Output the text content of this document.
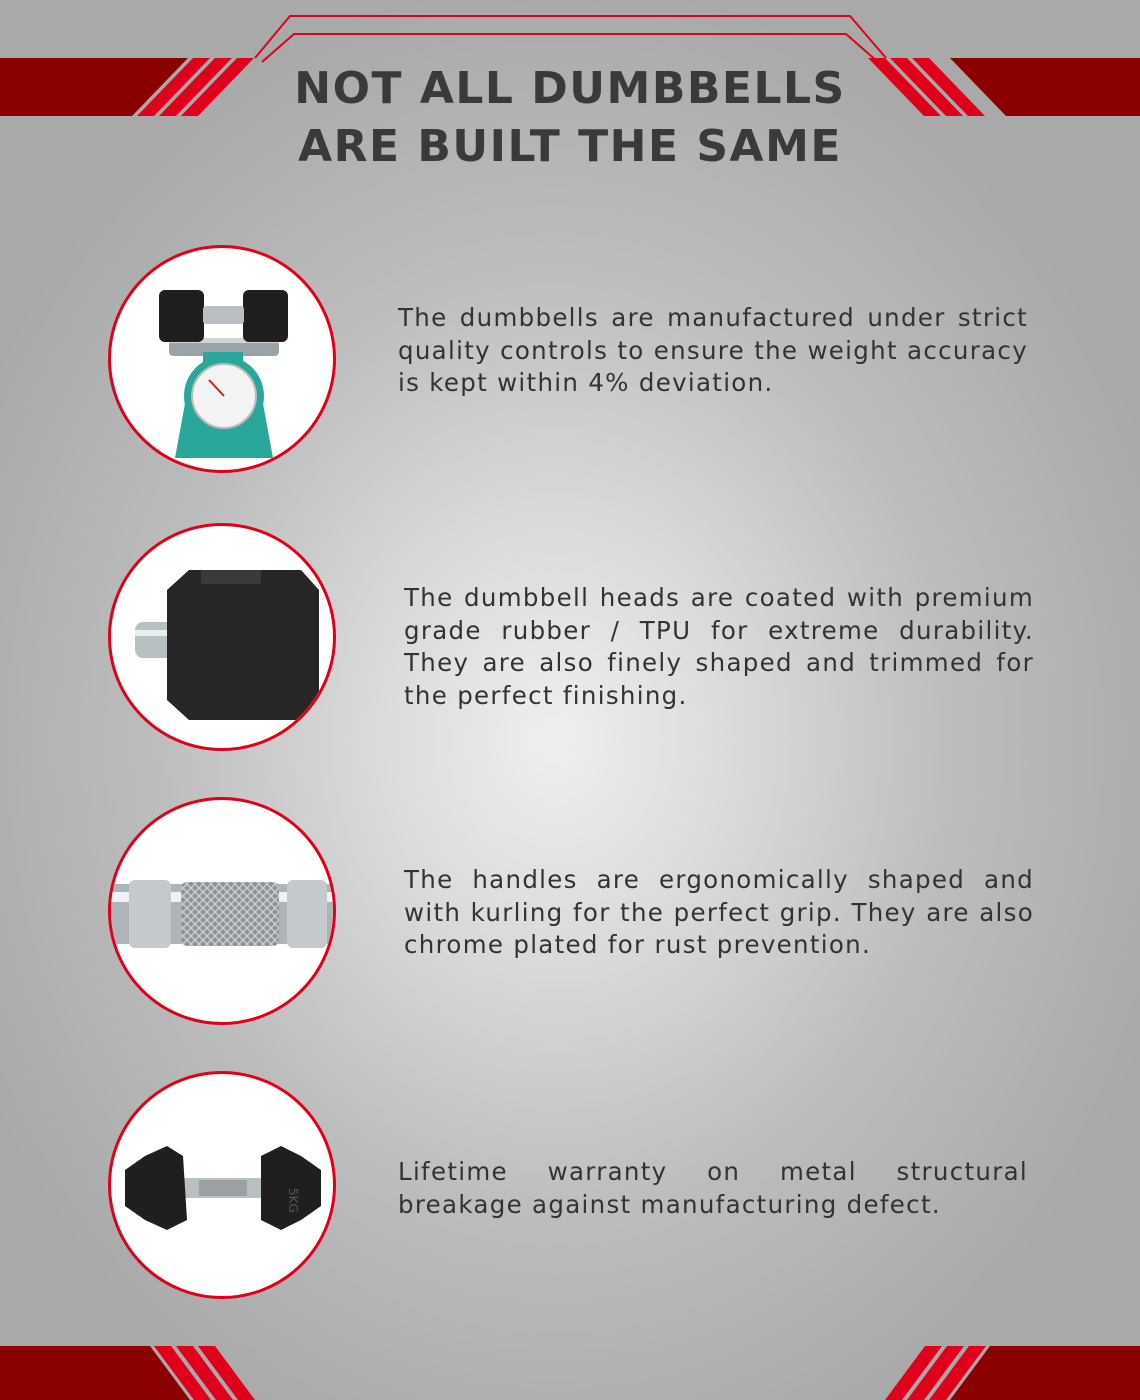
NOT ALL DUMBBELLS
ARE BUILT THE SAME

The dumbbells are manufactured under strict quality controls to ensure the weight accuracy is kept within 4% deviation.

The dumbbell heads are coated with premium grade rubber / TPU for extreme durability. They are also finely shaped and trimmed for the perfect finishing.

The handles are ergonomically shaped and with kurling for the perfect grip. They are also chrome plated for rust prevention.

5KG

Lifetime warranty on metal structural breakage against manufacturing defect.
